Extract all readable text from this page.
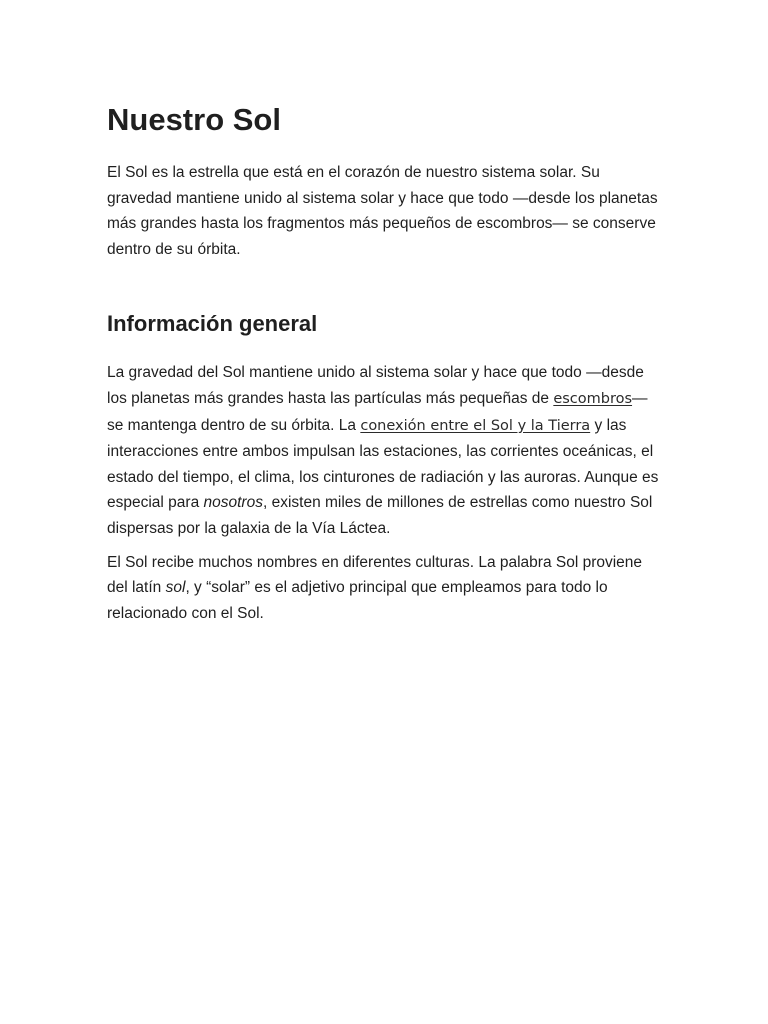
Nuestro Sol

El Sol es la estrella que está en el corazón de nuestro sistema solar. Su gravedad mantiene unido al sistema solar y hace que todo —desde los planetas más grandes hasta los fragmentos más pequeños de escombros— se conserve dentro de su órbita.

Información general

La gravedad del Sol mantiene unido al sistema solar y hace que todo —desde los planetas más grandes hasta las partículas más pequeñas de escombros— se mantenga dentro de su órbita. La conexión entre el Sol y la Tierra y las interacciones entre ambos impulsan las estaciones, las corrientes oceánicas, el estado del tiempo, el clima, los cinturones de radiación y las auroras. Aunque es especial para nosotros, existen miles de millones de estrellas como nuestro Sol dispersas por la galaxia de la Vía Láctea.

El Sol recibe muchos nombres en diferentes culturas. La palabra Sol proviene del latín sol, y “solar” es el adjetivo principal que empleamos para todo lo relacionado con el Sol.
